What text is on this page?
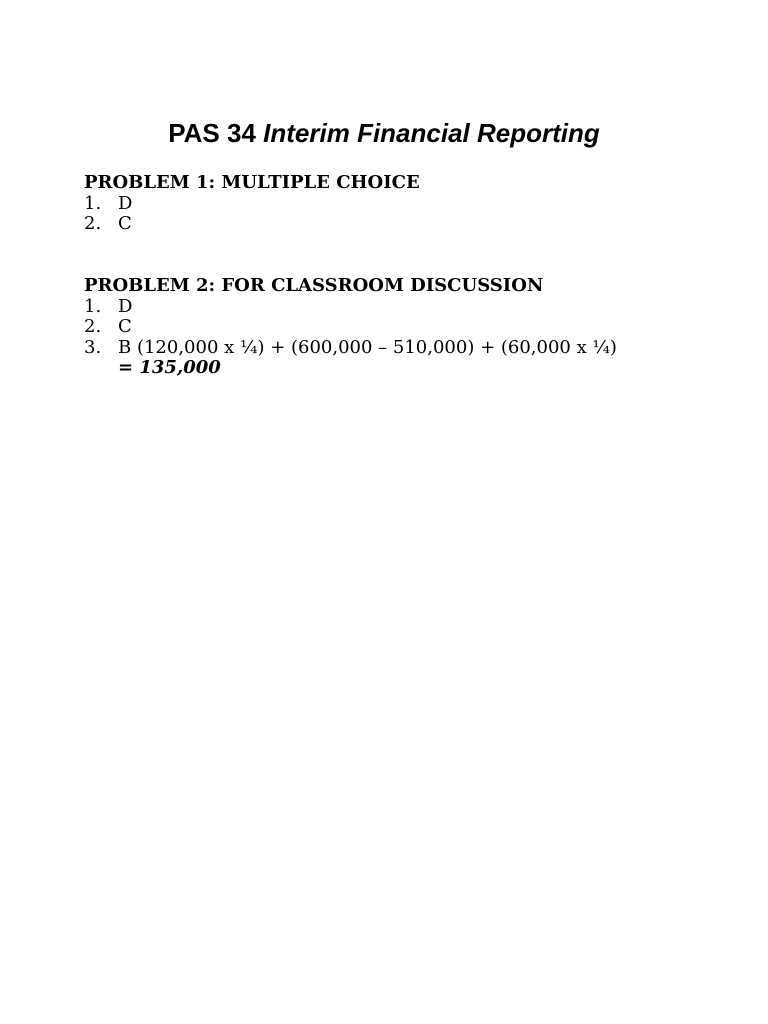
PAS 34 Interim Financial Reporting
PROBLEM 1: MULTIPLE CHOICE
1. D
2. C
PROBLEM 2: FOR CLASSROOM DISCUSSION
1. D
2. C
3. B (120,000 x ¼) + (600,000 – 510,000) + (60,000 x ¼)
= 135,000
